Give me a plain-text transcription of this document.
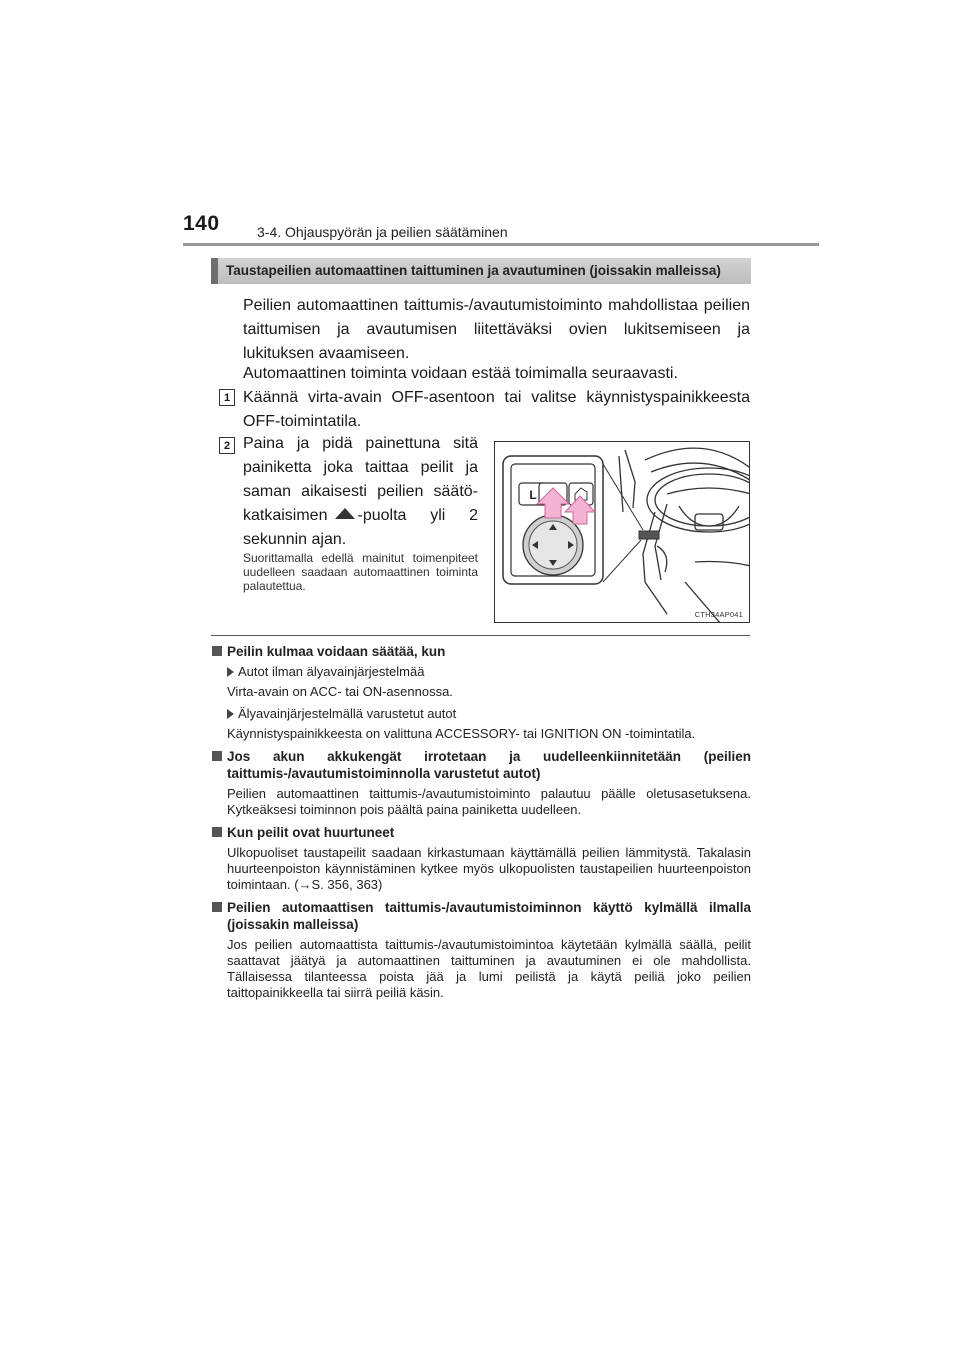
140	3-4. Ohjauspyörän ja peilien säätäminen
Taustapeilien automaattinen taittuminen ja avautuminen (joissakin malleissa)
Peilien automaattinen taittumis-/avautumistoiminto mahdollistaa peilien taittumisen ja avautumisen liitettäväksi ovien lukitsemiseen ja lukituksen avaamiseen.
Automaattinen toiminta voidaan estää toimimalla seuraavasti.
1 Käännä virta-avain OFF-asentoon tai valitse käynnistyspainikkeesta OFF-toimintatila.
2 Paina ja pidä painettuna sitä
painiketta joka taittaa peilit ja
saman aikaisesti peilien säätö-
katkaisimen -puolta yli 2
sekunnin ajan.
Suorittamalla edellä mainitut toimenpiteet uudelleen saadaan automaattinen toiminta palautettua.
L
CTH34AP041
Peilin kulmaa voidaan säätää, kun
Autot ilman älyavainjärjestelmää
Virta-avain on ACC- tai ON-asennossa.
Älyavainjärjestelmällä varustetut autot
Käynnistyspainikkeesta on valittuna ACCESSORY- tai IGNITION ON -toimintatila.
Jos akun akkukengät irrotetaan ja uudelleenkiinnitetään (peilien taittumis-/avautumistoiminnolla varustetut autot)
Peilien automaattinen taittumis-/avautumistoiminto palautuu päälle oletusasetuksena. Kytkeäksesi toiminnon pois päältä paina painiketta uudelleen.
Kun peilit ovat huurtuneet
Ulkopuoliset taustapeilit saadaan kirkastumaan käyttämällä peilien lämmitystä. Takalasin huurteenpoiston käynnistäminen kytkee myös ulkopuolisten taustapeilien huurteenpoiston toimintaan. (→S. 356, 363)
Peilien automaattisen taittumis-/avautumistoiminnon käyttö kylmällä ilmalla (joissakin malleissa)
Jos peilien automaattista taittumis-/avautumistoimintoa käytetään kylmällä säällä, peilit saattavat jäätyä ja automaattinen taittuminen ja avautuminen ei ole mahdollista. Tällaisessa tilanteessa poista jää ja lumi peilistä ja käytä peiliä joko peilien taittopainikkeella tai siirrä peiliä käsin.
